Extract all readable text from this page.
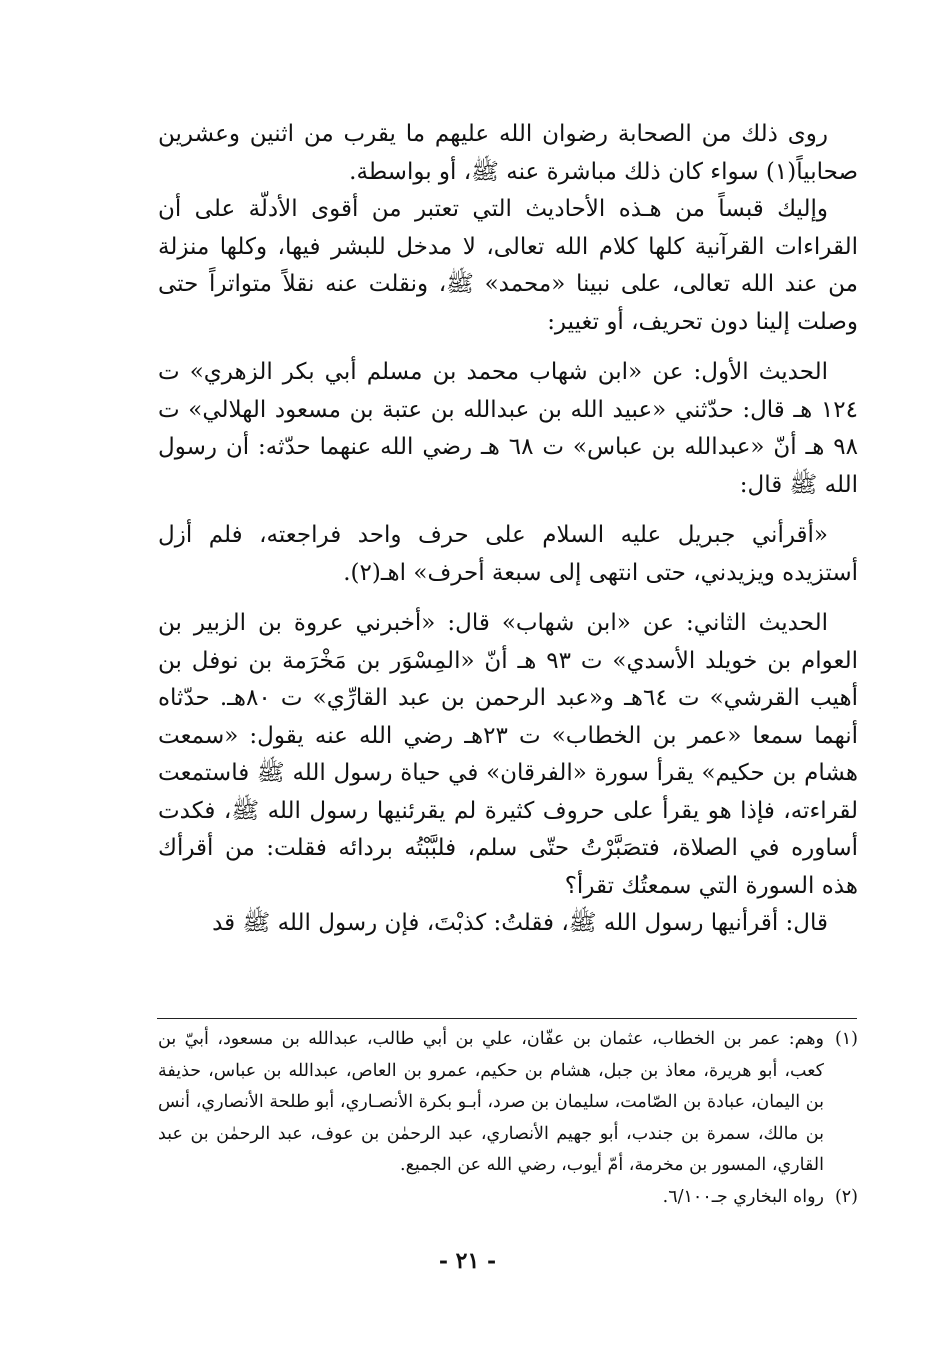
روى ذلك من الصحابة رضوان الله عليهم ما يقرب من اثنين وعشرين صحابياً(١) سواء كان ذلك مباشرة عنه ﷺ، أو بواسطة.

وإليك قبساً من هـذه الأحاديث التي تعتبر من أقوى الأدلّة على أن القراءات القرآنية كلها كلام الله تعالى، لا مدخل للبشر فيها، وكلها منزلة من عند الله تعالى، على نبينا «محمد» ﷺ، ونقلت عنه نقلاً متواتراً حتى وصلت إلينا دون تحريف، أو تغيير:

الحديث الأول: عن «ابن شهاب محمد بن مسلم أبي بكر الزهري» ت ١٢٤ هـ قال: حدّثني «عبيد الله بن عبدالله بن عتبة بن مسعود الهلالي» ت ٩٨ هـ أنّ «عبدالله بن عباس» ت ٦٨ هـ رضي الله عنهما حدّثه: أن رسول الله ﷺ قال:

«أقرأني جبريل عليه السلام على حرف واحد فراجعته، فلم أزل أستزيده ويزيدني، حتى انتهى إلى سبعة أحرف» اهـ(٢).

الحديث الثاني: عن «ابن شهاب» قال: «أخبرني عروة بن الزبير بن العوام بن خويلد الأسدي» ت ٩٣ هـ أنّ «المِسْوَر بن مَخْرَمة بن نوفل بن أهيب القرشي» ت ٦٤هـ و«عبد الرحمن بن عبد القارِّي» ت ٨٠هـ. حدّثاه أنهما سمعا «عمر بن الخطاب» ت ٢٣هـ رضي الله عنه يقول: «سمعت هشام بن حكيم» يقرأ سورة «الفرقان» في حياة رسول الله ﷺ فاستمعت لقراءته، فإذا هو يقرأ على حروف كثيرة لم يقرئنيها رسول الله ﷺ، فكدت أساوره في الصلاة، فتصَبَّرْتُ حتّى سلم، فلبَّبْتُه بردائه فقلت: من أقرأك هذه السورة التي سمعتُك تقرأ؟

قال: أقرأنيها رسول الله ﷺ، فقلتُ: كذبْتَ، فإن رسول الله ﷺ قد

(١)وهم: عمر بن الخطاب، عثمان بن عفّان، علي بن أبي طالب، عبدالله بن مسعود، أبيّ بن كعب، أبو هريرة، معاذ بن جبل، هشام بن حكيم، عمرو بن العاص، عبدالله بن عباس، حذيفة بن اليمان، عبادة بن الصّامت، سليمان بن صرد، أبـو بكرة الأنصـاري، أبو طلحة الأنصاري، أنس بن مالك، سمرة بن جندب، أبو جهيم الأنصاري، عبد الرحمٰن بن عوف، عبد الرحمٰن بن عبد القاري، المسور بن مخرمة، أمّ أيوب، رضي الله عن الجميع.

(٢)رواه البخاري جـ٦/١٠٠.

- ٢١ -
